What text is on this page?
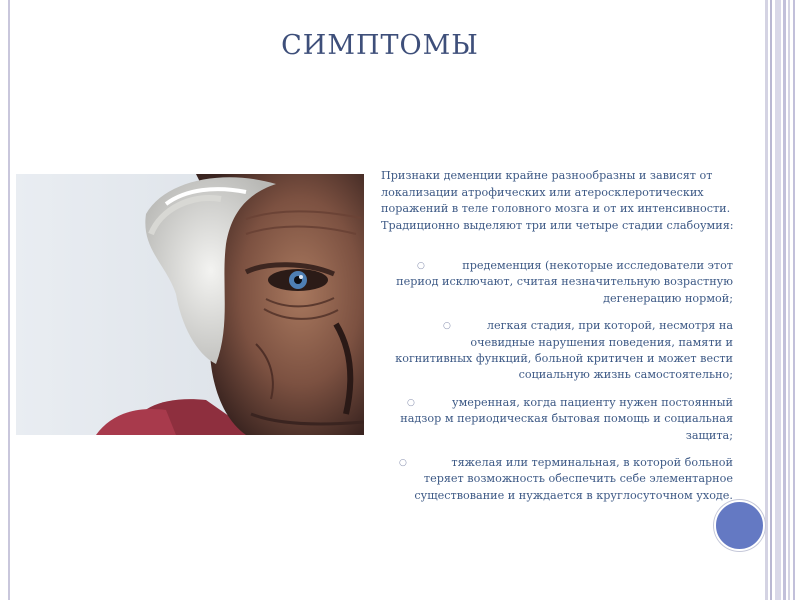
СИМПТОМЫ

Признаки деменции крайне разнообразны и зависят от локализации атрофических или атеросклеротических поражений в теле головного мозга и от их интенсивности. Традиционно выделяют три или четыре стадии слабоумия:

○	предеменция (некоторые исследователи этот период исключают, считая незначительную возрастную дегенерацию нормой;
○	легкая стадия, при которой, несмотря на очевидные нарушения поведения, памяти и когнитивных функций, больной критичен и может вести социальную жизнь самостоятельно;
○	умеренная, когда пациенту нужен постоянный надзор м периодическая бытовая помощь и социальная защита;
○	тяжелая или терминальная, в которой больной теряет возможность обеспечить себе элементарное существование и нуждается в круглосуточном уходе.
